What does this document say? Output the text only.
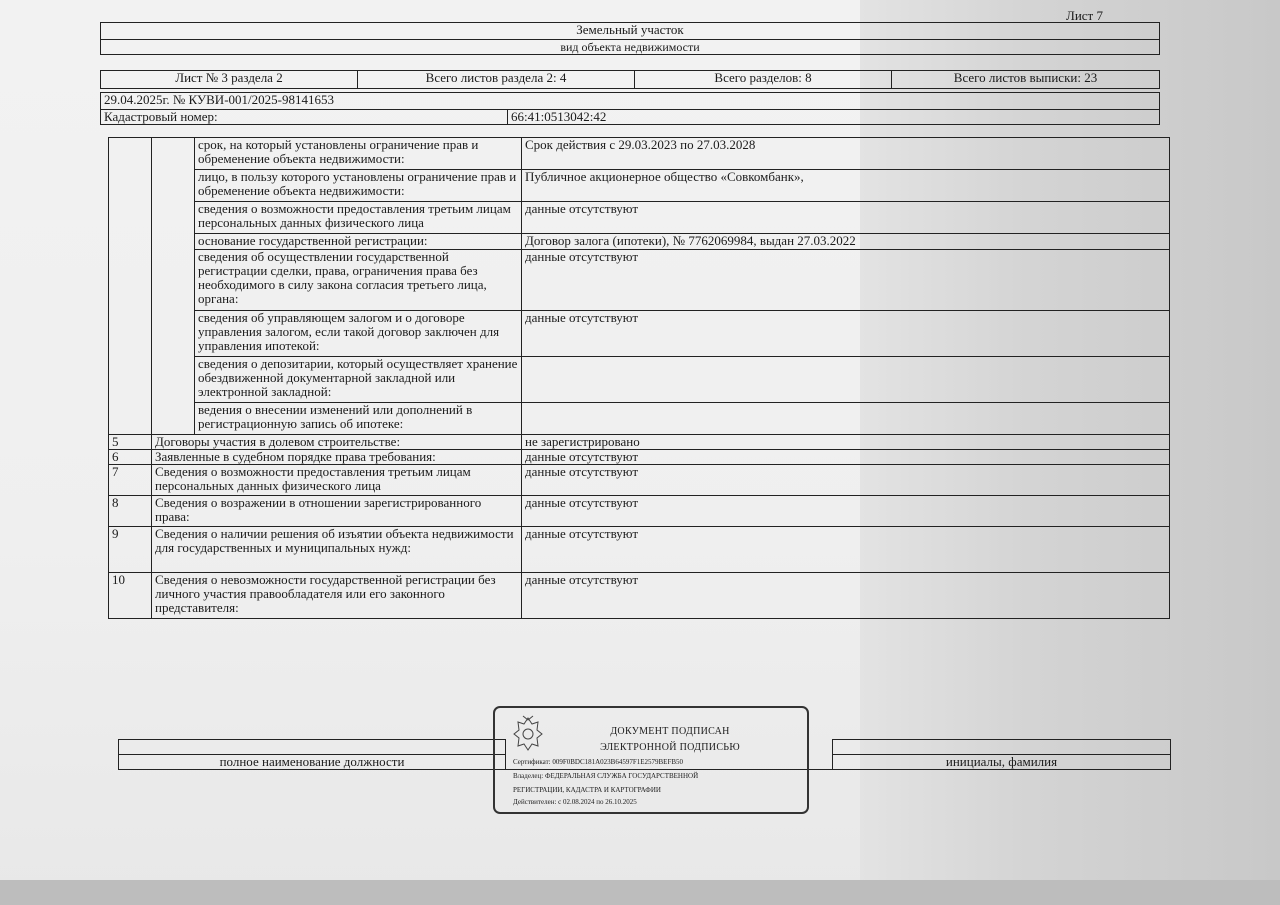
Лист 7
Земельный участок
вид объекта недвижимости
Лист № 3 раздела 2	Всего листов раздела 2: 4	Всего разделов: 8	Всего листов выписки: 23
29.04.2025г. № КУВИ-001/2025-98141653
Кадастровый номер:	66:41:0513042:42
		срок, на который установлены ограничение прав и обременение объекта недвижимости:	Срок действия с 29.03.2023 по 27.03.2028
		лицо, в пользу которого установлены ограничение прав и обременение объекта недвижимости:	Публичное акционерное общество «Совкомбанк»,
		сведения о возможности предоставления третьим лицам персональных данных физического лица	данные отсутствуют
		основание государственной регистрации:	Договор залога (ипотеки), № 7762069984, выдан 27.03.2022
		сведения об осуществлении государственной регистрации сделки, права, ограничения права без необходимого в силу закона согласия третьего лица, органа:	данные отсутствуют
		сведения об управляющем залогом и о договоре управления залогом, если такой договор заключен для управления ипотекой:	данные отсутствуют
		сведения о депозитарии, который осуществляет хранение обездвиженной документарной закладной или электронной закладной:	
		ведения о внесении изменений или дополнений в регистрационную запись об ипотеке:	
5	Договоры участия в долевом строительстве:		не зарегистрировано
6	Заявленные в судебном порядке права требования:		данные отсутствуют
7	Сведения о возможности предоставления третьим лицам персональных данных физического лица		данные отсутствуют
8	Сведения о возражении в отношении зарегистрированного права:		данные отсутствуют
9	Сведения о наличии решения об изъятии объекта недвижимости для государственных и муниципальных нужд:		данные отсутствуют
10	Сведения о невозможности государственной регистрации без личного участия правообладателя или его законного представителя:		данные отсутствуют

полное наименование должности		инициалы, фамилия
ДОКУМЕНТ ПОДПИСАН
ЭЛЕКТРОННОЙ ПОДПИСЬЮ
Сертификат: 009F0BDC181A023B64597F1E2579BEFB50
Владелец: ФЕДЕРАЛЬНАЯ СЛУЖБА ГОСУДАРСТВЕННОЙ
РЕГИСТРАЦИИ, КАДАСТРА И КАРТОГРАФИИ
Действителен: с 02.08.2024 по 26.10.2025
